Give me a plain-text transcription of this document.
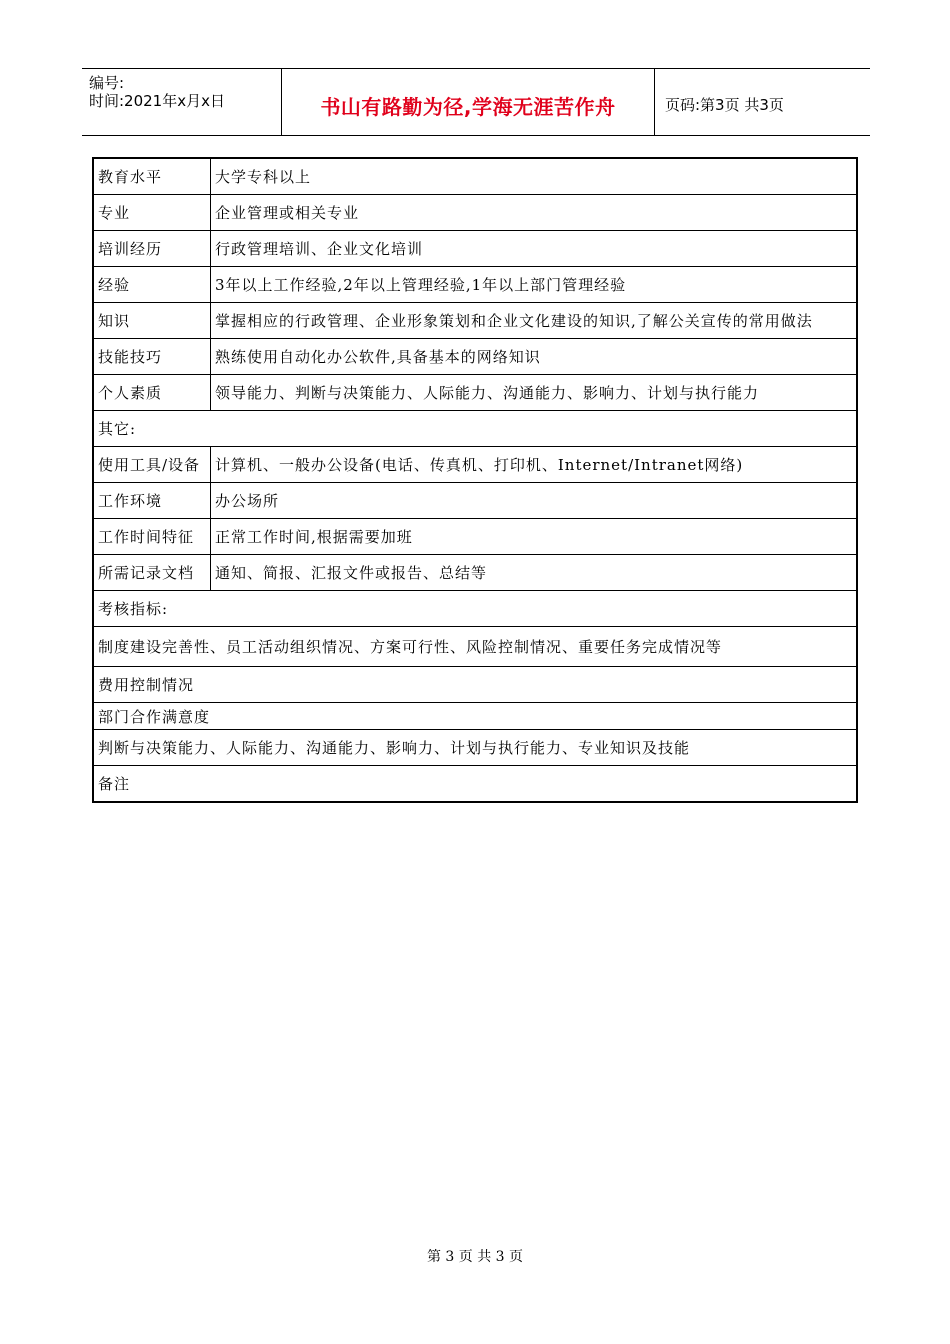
编号:
时间:2021年x月x日	书山有路勤为径,学海无涯苦作舟	页码:第3页 共3页
教育水平	大学专科以上
专业	企业管理或相关专业
培训经历	行政管理培训、企业文化培训
经验	3年以上工作经验,2年以上管理经验,1年以上部门管理经验
知识	掌握相应的行政管理、企业形象策划和企业文化建设的知识,了解公关宣传的常用做法
技能技巧	熟练使用自动化办公软件,具备基本的网络知识
个人素质	领导能力、判断与决策能力、人际能力、沟通能力、影响力、计划与执行能力
其它:	
使用工具/设备	计算机、一般办公设备(电话、传真机、打印机、Internet/Intranet网络)
工作环境	办公场所
工作时间特征	正常工作时间,根据需要加班
所需记录文档	通知、简报、汇报文件或报告、总结等
考核指标:	
制度建设完善性、员工活动组织情况、方案可行性、风险控制情况、重要任务完成情况等	
费用控制情况	
部门合作满意度	
判断与决策能力、人际能力、沟通能力、影响力、计划与执行能力、专业知识及技能	
备注	
第 3 页 共 3 页
